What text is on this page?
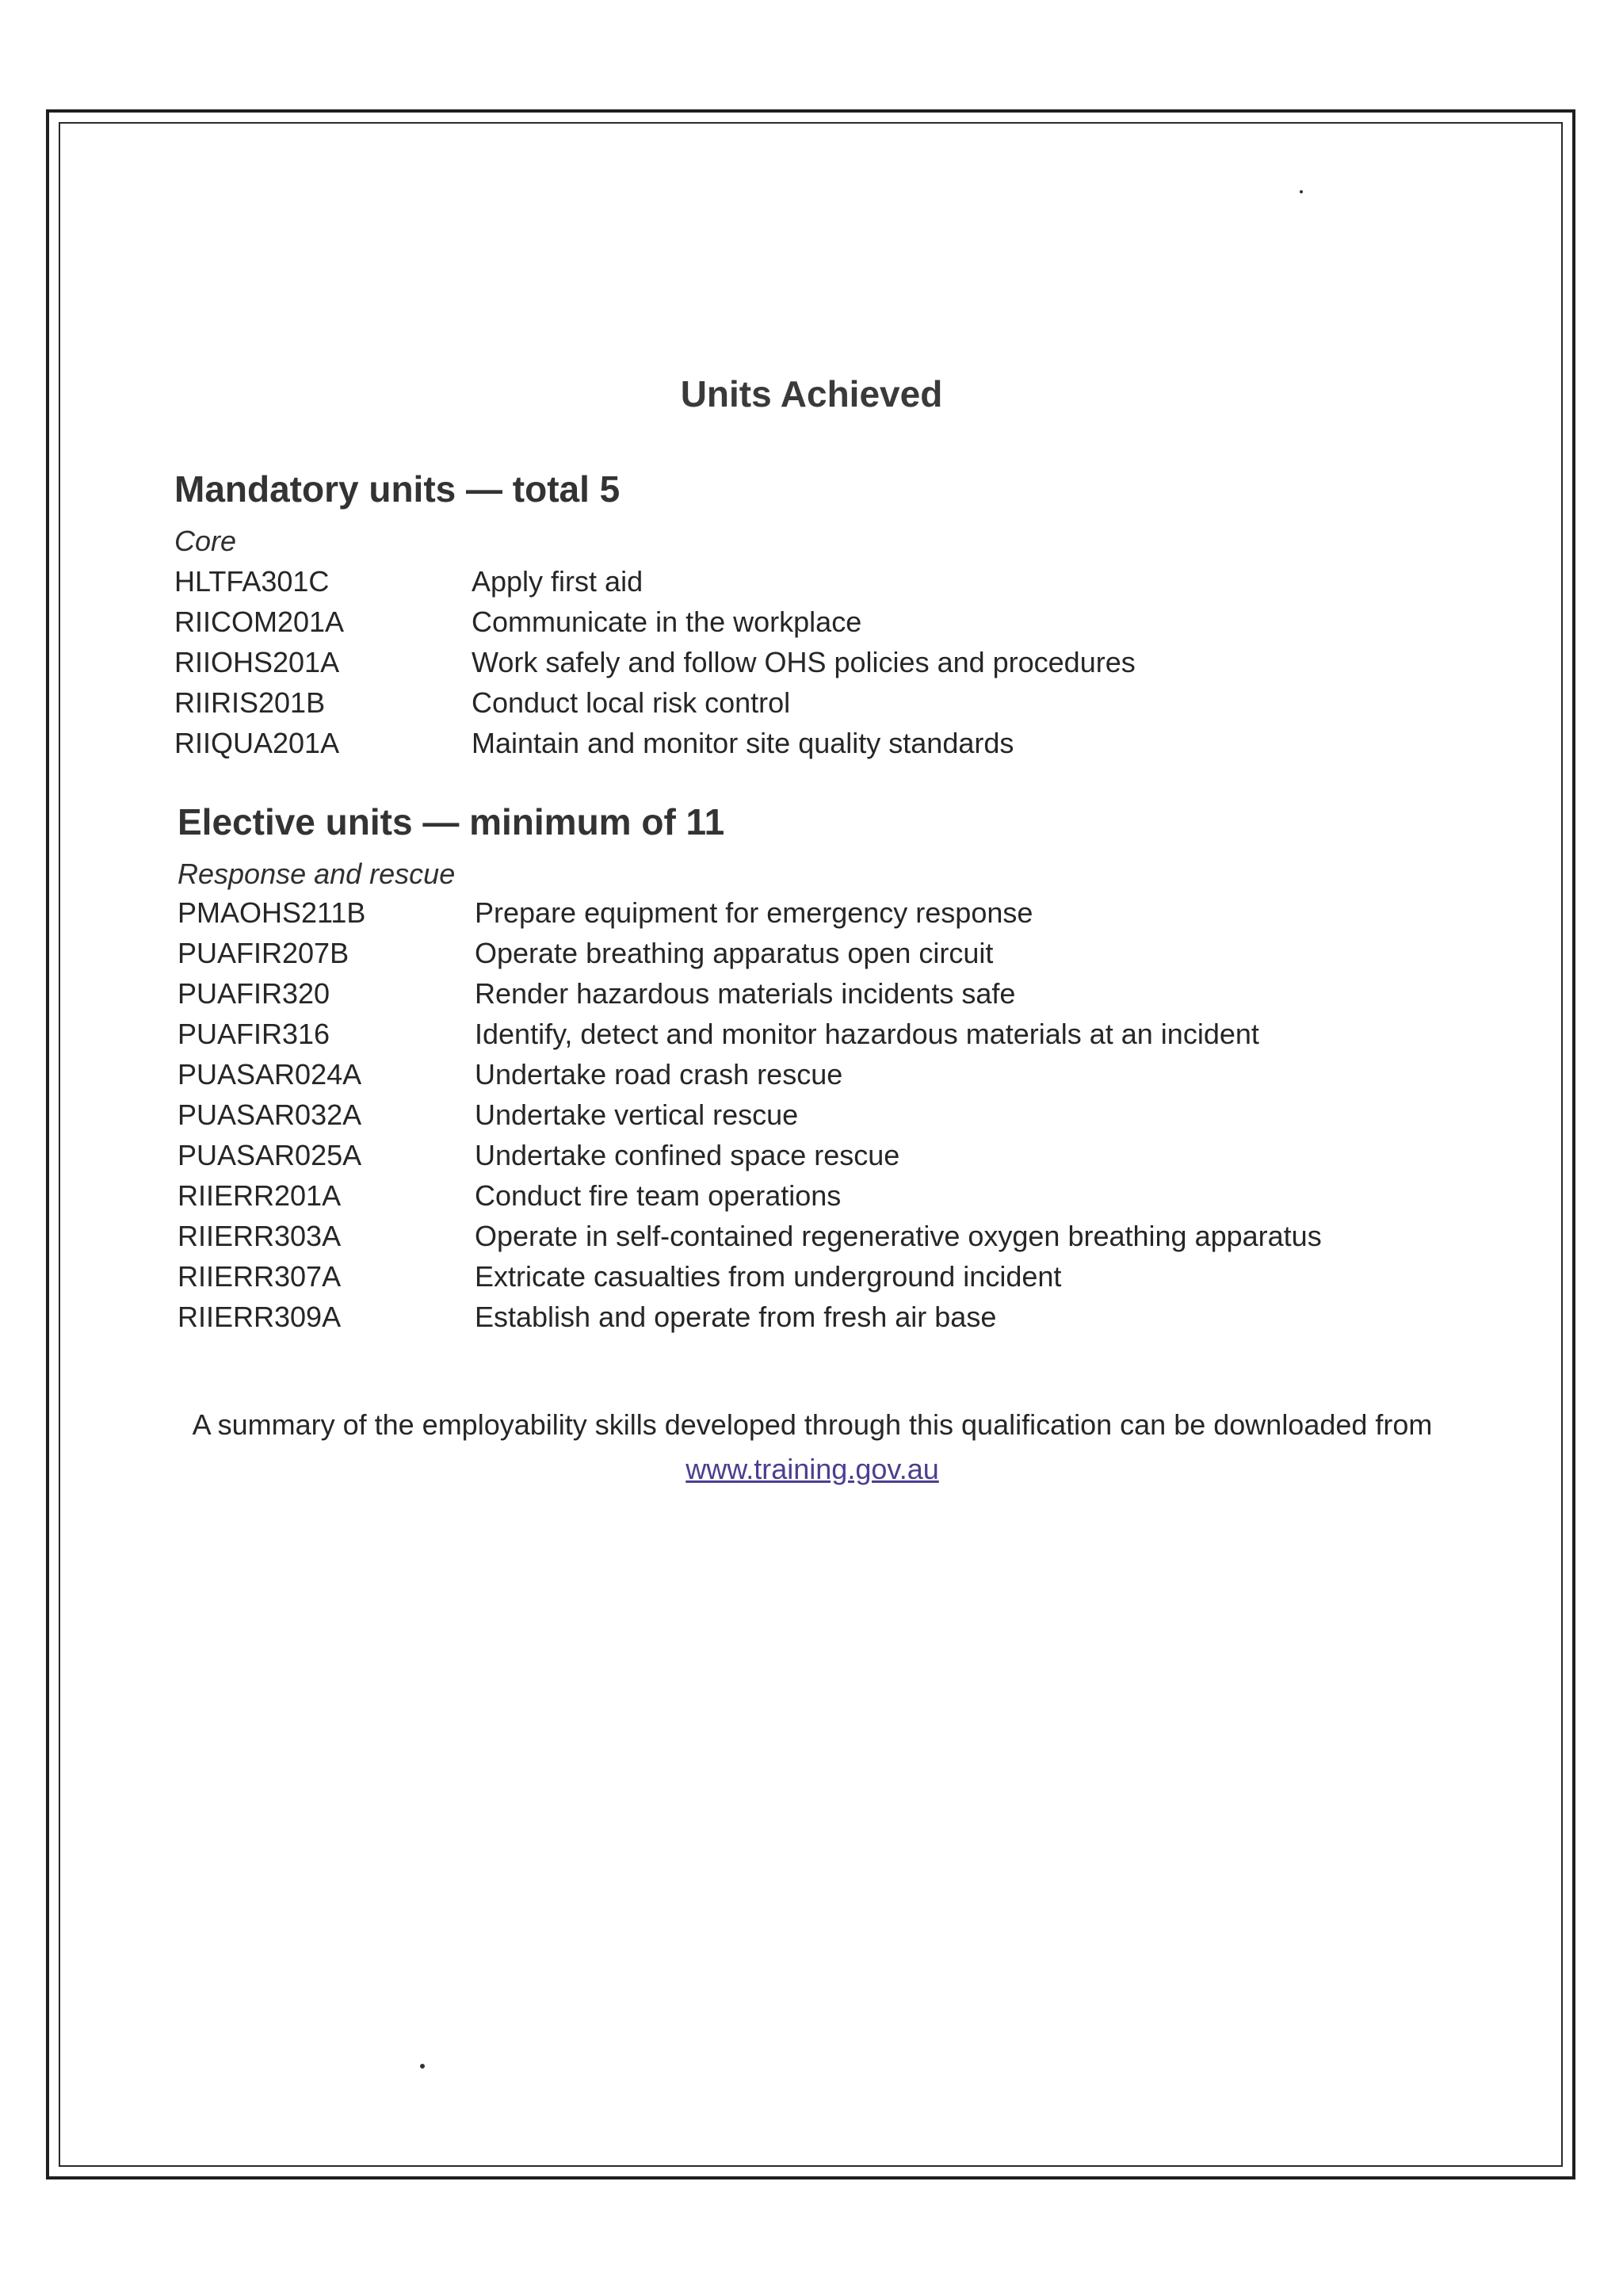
Units Achieved
Mandatory units — total 5
Core
HLTFA301C	Apply first aid
RIICOM201A	Communicate in the workplace
RIIOHS201A	Work safely and follow OHS policies and procedures
RIIRIS201B	Conduct local risk control
RIIQUA201A	Maintain and monitor site quality standards
Elective units — minimum of 11
Response and rescue
PMAOHS211B	Prepare equipment for emergency response
PUAFIR207B	Operate breathing apparatus open circuit
PUAFIR320	Render hazardous materials incidents safe
PUAFIR316	Identify, detect and monitor hazardous materials at an incident
PUASAR024A	Undertake road crash rescue
PUASAR032A	Undertake vertical rescue
PUASAR025A	Undertake confined space rescue
RIIERR201A	Conduct fire team operations
RIIERR303A	Operate in self-contained regenerative oxygen breathing apparatus
RIIERR307A	Extricate casualties from underground incident
RIIERR309A	Establish and operate from fresh air base

A summary of the employability skills developed through this qualification can be downloaded from
www.training.gov.au
